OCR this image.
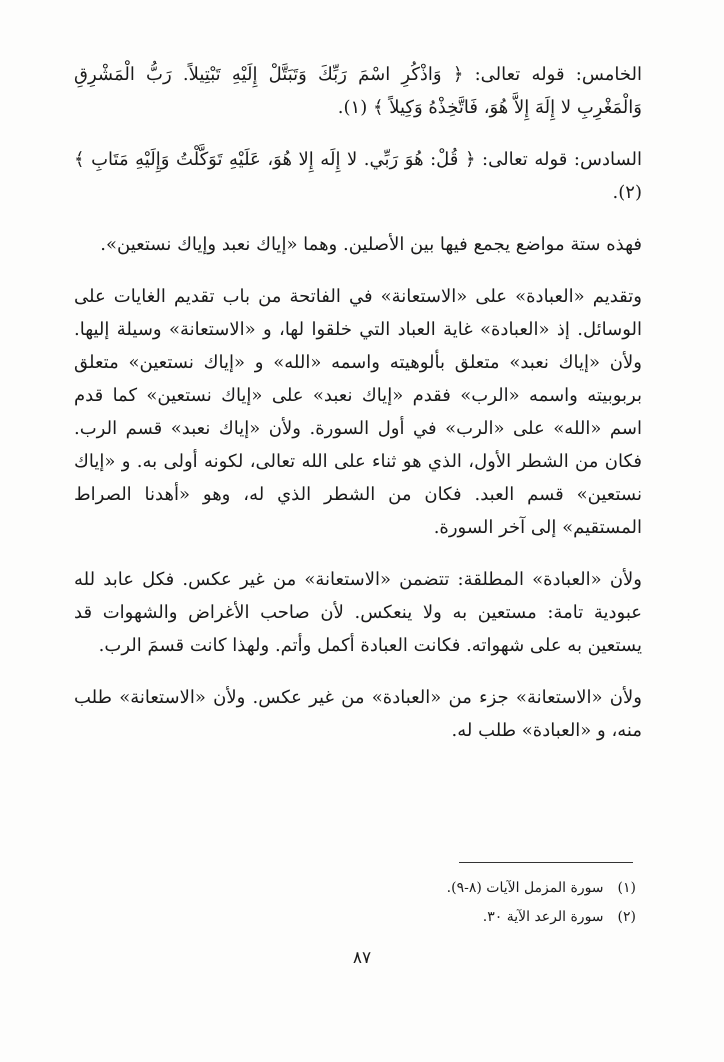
الخامس: قوله تعالى: ﴿ وَاذْكُرِ اسْمَ رَبِّكَ وَتَبَتَّلْ إِلَيْهِ تَبْتِيلاً. رَبُّ الْمَشْرِقِ وَالْمَغْرِبِ لا إِلَهَ إِلاَّ هُوَ، فَاتَّخِذْهُ وَكِيلاً ﴾ (١).

السادس: قوله تعالى: ﴿ قُلْ: هُوَ رَبِّي. لا إِلَه إِلا هُوَ، عَلَيْهِ تَوَكَّلْتُ وَإِلَيْهِ مَتَابِ ﴾ (٢).

فهذه ستة مواضع يجمع فيها بين الأصلين. وهما «إياك نعبد وإياك نستعين».

وتقديم «العبادة» على «الاستعانة» في الفاتحة من باب تقديم الغايات على الوسائل. إذ «العبادة» غاية العباد التي خلقوا لها، و «الاستعانة» وسيلة إليها. ولأن «إياك نعبد» متعلق بألوهيته واسمه «الله» و «إياك نستعين» متعلق بربوبيته واسمه «الرب» فقدم «إياك نعبد» على «إياك نستعين» كما قدم اسم «الله» على «الرب» في أول السورة. ولأن «إياك نعبد» قسم الرب. فكان من الشطر الأول، الذي هو ثناء على الله تعالى، لكونه أولى به. و «إياك نستعين» قسم العبد. فكان من الشطر الذي له، وهو «أهدنا الصراط المستقيم» إلى آخر السورة.

ولأن «العبادة» المطلقة: تتضمن «الاستعانة» من غير عكس. فكل عابد لله عبودية تامة: مستعين به ولا ينعكس. لأن صاحب الأغراض والشهوات قد يستعين به على شهواته. فكانت العبادة أكمل وأتم. ولهذا كانت قسمَ الرب.

ولأن «الاستعانة» جزء من «العبادة» من غير عكس. ولأن «الاستعانة» طلب منه، و «العبادة» طلب له.

(١) سورة المزمل الآيات (٨-٩).
(٢) سورة الرعد الآية ٣٠.
٨٧
